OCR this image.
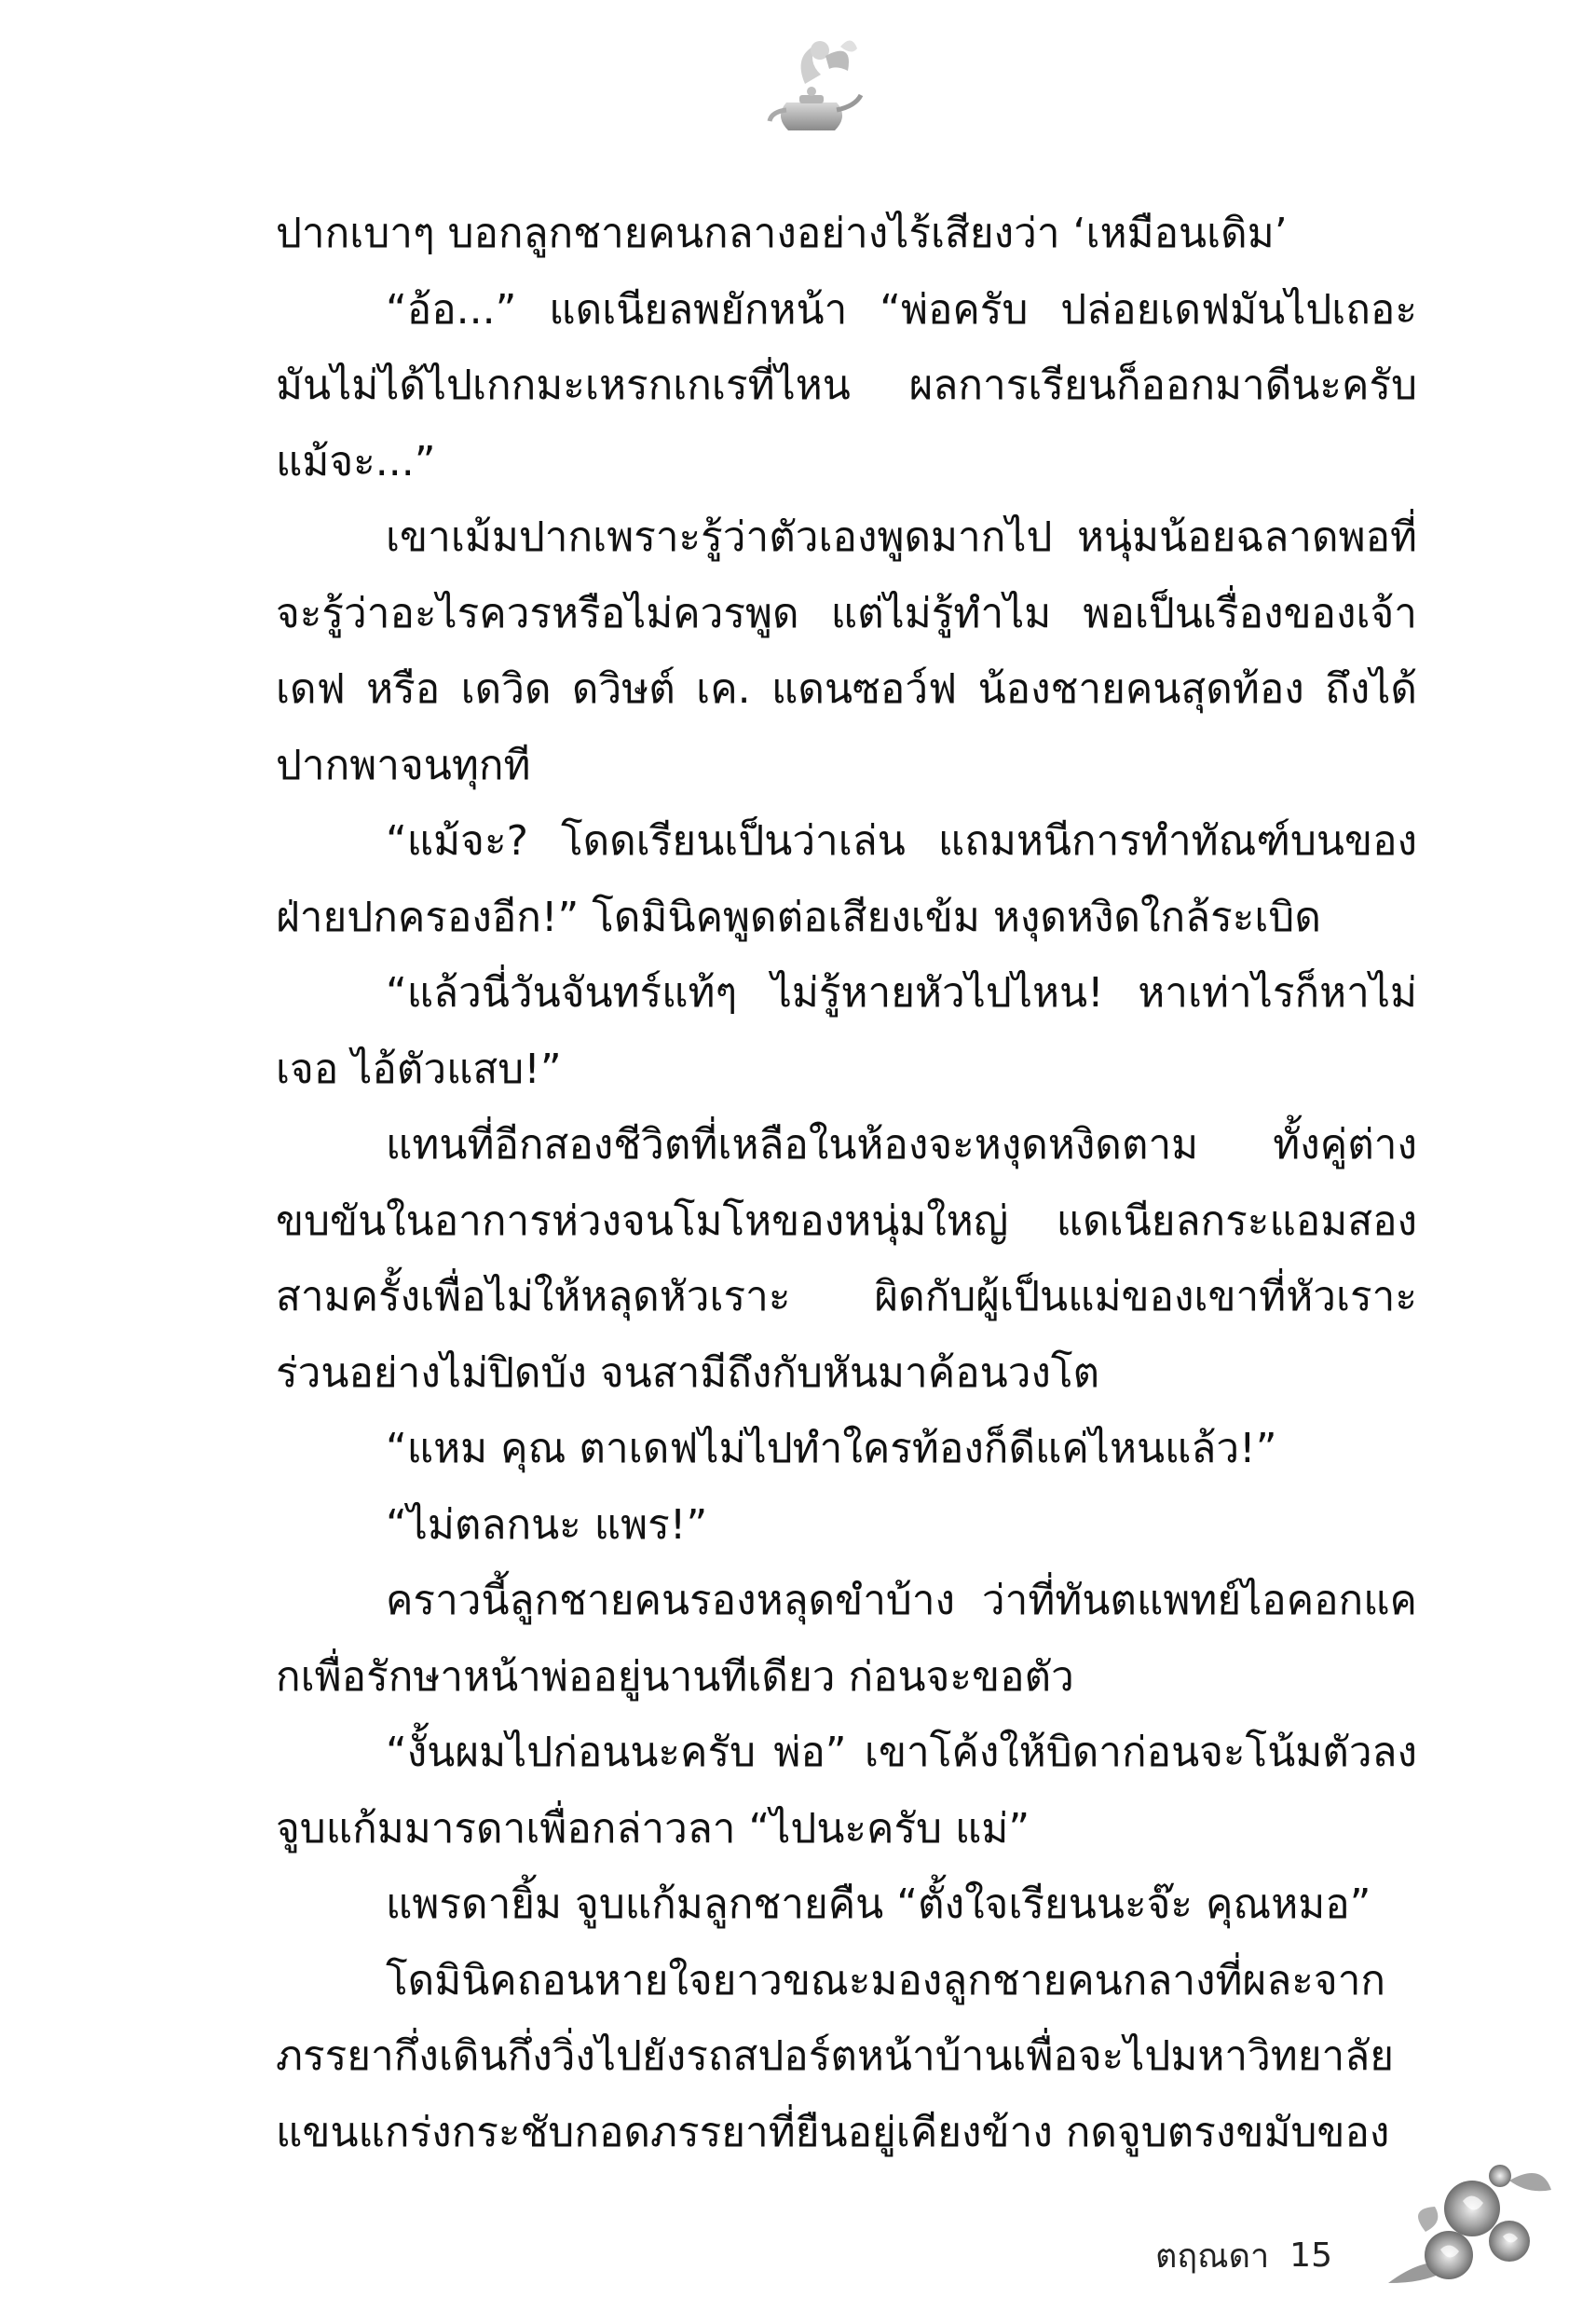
ปากเบาๆ บอกลูกชายคนกลางอย่างไร้เสียงว่า ‘เหมือนเดิม’

“อ้อ...” แดเนียลพยักหน้า “พ่อครับ ปล่อยเดฟมันไปเถอะ มันไม่ได้ไปเกกมะเหรกเกเรที่ไหน ผลการเรียนก็ออกมาดีนะครับ แม้จะ...”

เขาเม้มปากเพราะรู้ว่าตัวเองพูดมากไป หนุ่มน้อยฉลาดพอที่จะรู้ว่าอะไรควรหรือไม่ควรพูด แต่ไม่รู้ทำไม พอเป็นเรื่องของเจ้าเดฟ หรือ เดวิด ดวิษต์ เค. แดนซอว์ฟ น้องชายคนสุดท้อง ถึงได้ปากพาจนทุกที

“แม้จะ? โดดเรียนเป็นว่าเล่น แถมหนีการทำทัณฑ์บนของฝ่ายปกครองอีก!” โดมินิคพูดต่อเสียงเข้ม หงุดหงิดใกล้ระเบิด

“แล้วนี่วันจันทร์แท้ๆ ไม่รู้หายหัวไปไหน! หาเท่าไรก็หาไม่เจอ ไอ้ตัวแสบ!”

แทนที่อีกสองชีวิตที่เหลือในห้องจะหงุดหงิดตาม ทั้งคู่ต่างขบขันในอาการห่วงจนโมโหของหนุ่มใหญ่ แดเนียลกระแอมสองสามครั้งเพื่อไม่ให้หลุดหัวเราะ ผิดกับผู้เป็นแม่ของเขาที่หัวเราะร่วนอย่างไม่ปิดบัง จนสามีถึงกับหันมาค้อนวงโต

“แหม คุณ ตาเดฟไม่ไปทำใครท้องก็ดีแค่ไหนแล้ว!”

“ไม่ตลกนะ แพร!”

คราวนี้ลูกชายคนรองหลุดขำบ้าง ว่าที่ทันตแพทย์ไอคอกแคกเพื่อรักษาหน้าพ่ออยู่นานทีเดียว ก่อนจะขอตัว

“งั้นผมไปก่อนนะครับ พ่อ” เขาโค้งให้บิดาก่อนจะโน้มตัวลงจูบแก้มมารดาเพื่อกล่าวลา “ไปนะครับ แม่”

แพรดายิ้ม จูบแก้มลูกชายคืน “ตั้งใจเรียนนะจ๊ะ คุณหมอ”

โดมินิคถอนหายใจยาวขณะมองลูกชายคนกลางที่ผละจากภรรยากึ่งเดินกึ่งวิ่งไปยังรถสปอร์ตหน้าบ้านเพื่อจะไปมหาวิทยาลัย แขนแกร่งกระชับกอดภรรยาที่ยืนอยู่เคียงข้าง กดจูบตรงขมับของ

ตฤณดา 15
